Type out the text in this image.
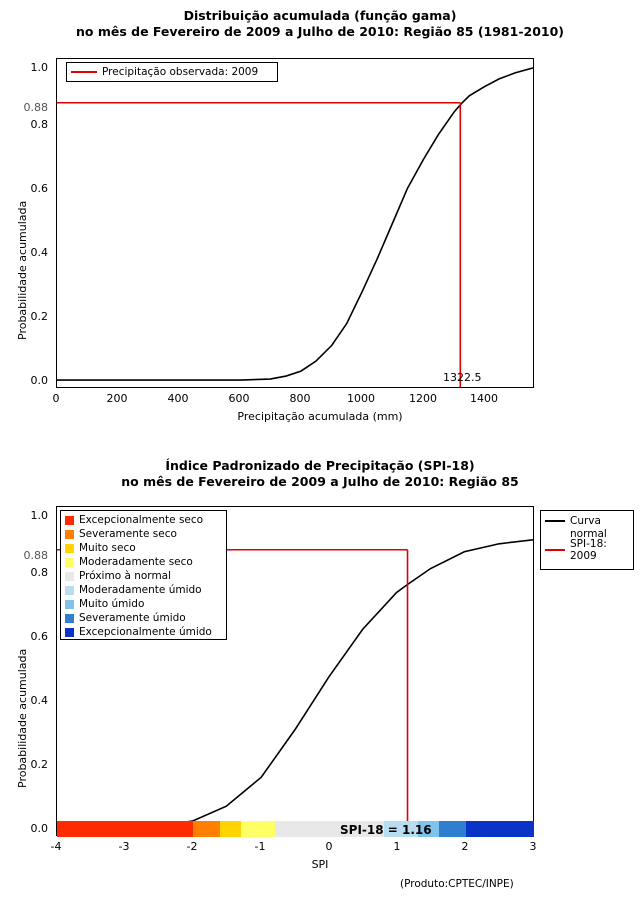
Distribuição acumulada (função gama)
no mês de Fevereiro de 2009 a Julho de 2010: Região 85 (1981-2010)
Probabilidade acumulada
0.0
0.2
0.4
0.6
0.8
1.0
0.88
0	200	400	600	800	1000	1200	1400
Precipitação acumulada (mm)
Precipitação observada: 2009
1322.5
Índice Padronizado de Precipitação (SPI-18)
no mês de Fevereiro de 2009 a Julho de 2010: Região 85
Probabilidade acumulada
0.0
0.2
0.4
0.6
0.8
1.0
0.88
-4	-3	-2	-1	0	1	2	3
SPI
Excepcionalmente seco
Severamente seco
Muito seco
Moderadamente seco
Próximo à normal
Moderadamente úmido
Muito úmido
Severamente úmido
Excepcionalmente úmido
Curva
normal
SPI-18: 2009
SPI-18 = 1.16
(Produto:CPTEC/INPE)
